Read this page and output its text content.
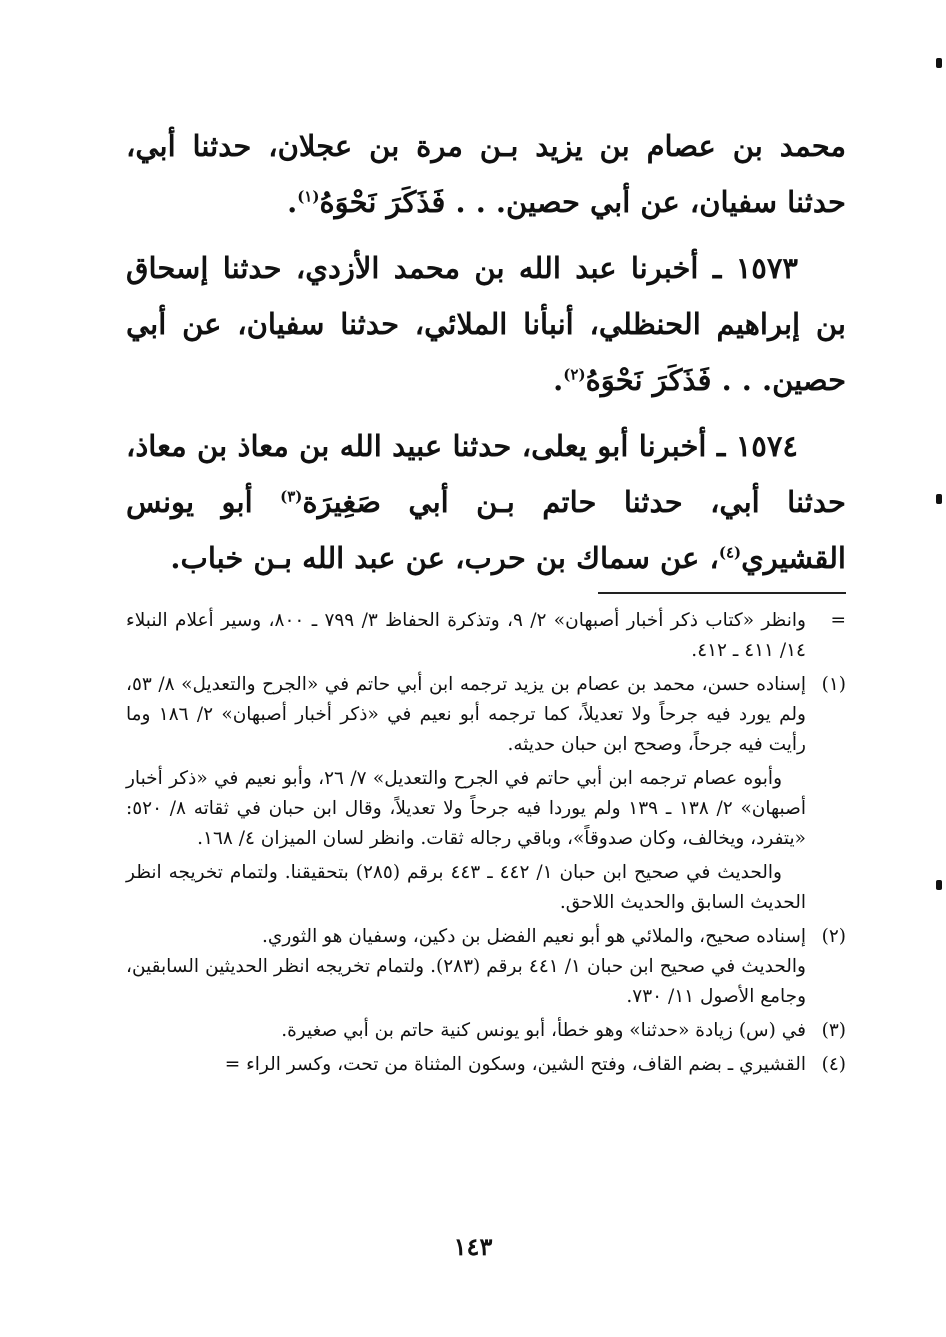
محمد بن عصام بن يزيد بـن مرة بن عجلان، حدثنا أبي، حدثنا سفيان، عن أبي حصين. . . فَذَكَرَ نَحْوَهُ$^{(١)}$.

١٥٧٣ ـ أخبرنا عبد الله بن محمد الأزدي، حدثنا إسحاق بن إبراهيم الحنظلي، أنبأنا الملائي، حدثنا سفيان، عن أبي حصين. . . فَذَكَرَ نَحْوَهُ$^{(٢)}$.

١٥٧٤ ـ أخبرنا أبو يعلى، حدثنا عبيد الله بن معاذ بن معاذ، حدثنا أبي، حدثنا حاتم بـن أبي صَغِيرَة$^{(٣)}$ أبو يونس القشيري$^{(٤)}$، عن سماك بن حرب، عن عبد الله بـن خباب.

=

وانظر «كتاب ذكر أخبار أصبهان» ٢/ ٩، وتذكرة الحفاظ ٣/ ٧٩٩ ـ ٨٠٠، وسير أعلام النبلاء ١٤/ ٤١١ ـ ٤١٢.

(١)

إسناده حسن، محمد بن عصام بن يزيد ترجمه ابن أبي حاتم في «الجرح والتعديل» ٨/ ٥٣، ولم يورد فيه جرحاً ولا تعديلاً، كما ترجمه أبو نعيم في «ذكر أخبار أصبهان» ٢/ ١٨٦ وما رأيت فيه جرحاً، وصحح ابن حبان حديثه.

وأبوه عصام ترجمه ابن أبي حاتم في الجرح والتعديل» ٧/ ٢٦، وأبو نعيم في «ذكر أخبار أصبهان» ٢/ ١٣٨ ـ ١٣٩ ولم يوردا فيه جرحاً ولا تعديلاً، وقال ابن حبان في ثقاته ٨/ ٥٢٠: «يتفرد، ويخالف، وكان صدوقاً»، وباقي رجاله ثقات. وانظر لسان الميزان ٤/ ١٦٨.

والحديث في صحيح ابن حبان ١/ ٤٤٢ ـ ٤٤٣ برقم (٢٨٥) بتحقيقنا. ولتمام تخريجه انظر الحديث السابق والحديث اللاحق.

(٢)

إسناده صحيح، والملائي هو أبو نعيم الفضل بن دكين، وسفيان هو الثوري.

والحديث في صحيح ابن حبان ١/ ٤٤١ برقم (٢٨٣). ولتمام تخريجه انظر الحديثين السابقين، وجامع الأصول ١١/ ٧٣٠.

(٣)

في (س) زيادة «حدثنا» وهو خطأ، أبو يونس كنية حاتم بن أبي صغيرة.

(٤)

القشيري ـ بضم القاف، وفتح الشين، وسكون المثناة من تحت، وكسر الراء =

١٤٣
